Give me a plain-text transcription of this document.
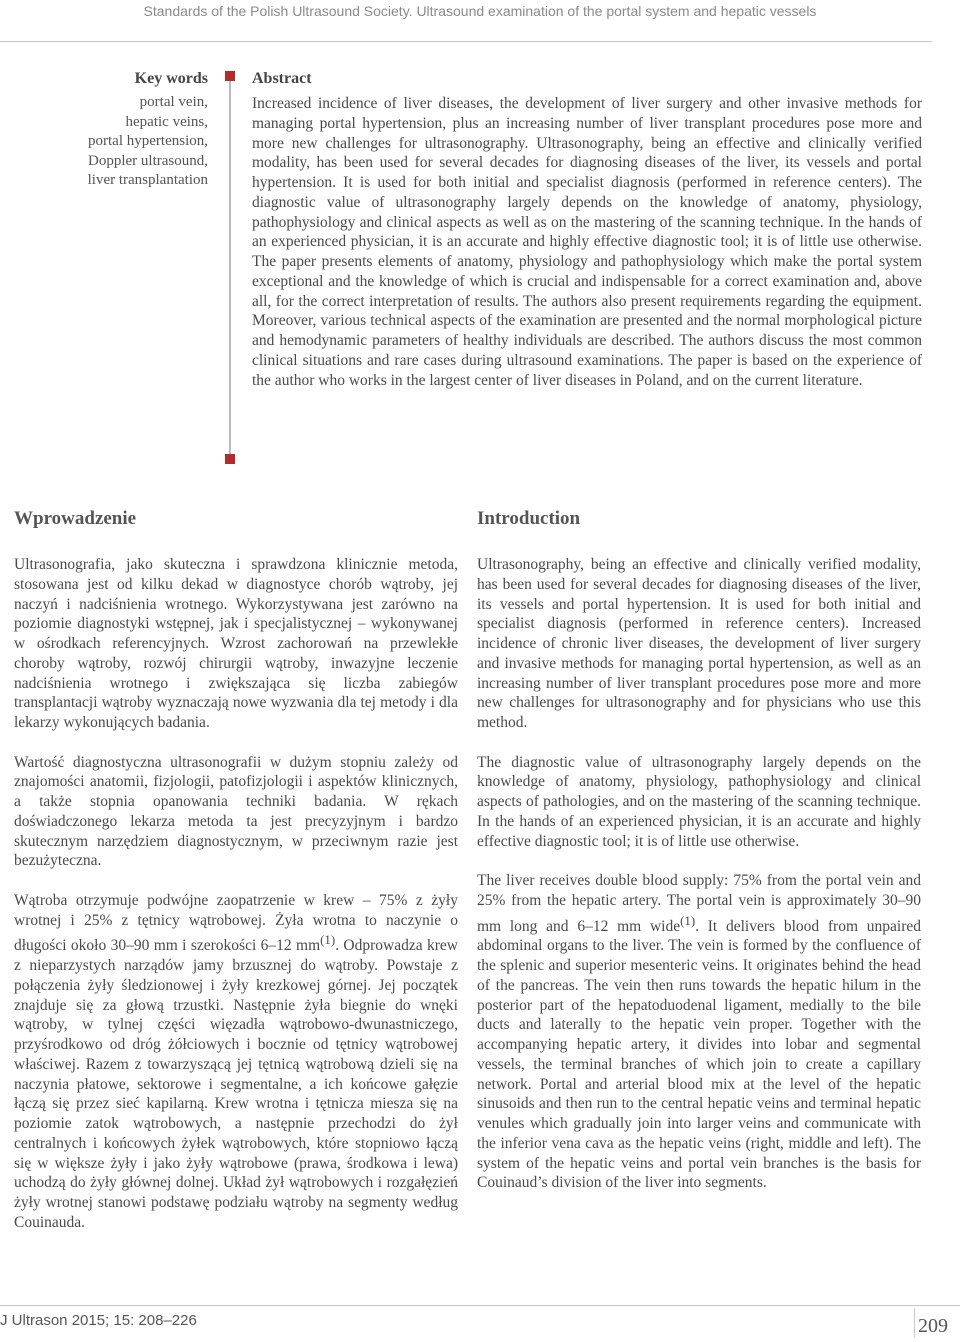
Standards of the Polish Ultrasound Society. Ultrasound examination of the portal system and hepatic vessels
Key words
portal vein,
hepatic veins,
portal hypertension,
Doppler ultrasound,
liver transplantation
Abstract
Increased incidence of liver diseases, the development of liver surgery and other invasive methods for managing portal hypertension, plus an increasing number of liver transplant procedures pose more and more new challenges for ultrasonography. Ultrasonography, being an effective and clinically verified modality, has been used for several decades for diagnosing diseases of the liver, its vessels and portal hypertension. It is used for both initial and specialist diagnosis (performed in reference centers). The diagnostic value of ultrasonography largely depends on the knowledge of anatomy, physiology, pathophysiology and clinical aspects as well as on the mastering of the scanning technique. In the hands of an experienced physician, it is an accurate and highly effective diagnostic tool; it is of little use otherwise. The paper presents elements of anatomy, physiology and pathophysiology which make the portal system exceptional and the knowledge of which is crucial and indispensable for a correct examination and, above all, for the correct interpretation of results. The authors also present requirements regarding the equipment. Moreover, various technical aspects of the examination are presented and the normal morphological picture and hemodynamic parameters of healthy individuals are described. The authors discuss the most common clinical situations and rare cases during ultrasound examinations. The paper is based on the experience of the author who works in the largest center of liver diseases in Poland, and on the current literature.
Wprowadzenie
Ultrasonografia, jako skuteczna i sprawdzona klinicznie metoda, stosowana jest od kilku dekad w diagnostyce chorób wątroby, jej naczyń i nadciśnienia wrotnego. Wykorzystywana jest zarówno na poziomie diagnostyki wstępnej, jak i specjalistycznej – wykonywanej w ośrodkach referencyjnych. Wzrost zachorowań na przewlekłe choroby wątroby, rozwój chirurgii wątroby, inwazyjne leczenie nadciśnienia wrotnego i zwiększająca się liczba zabiegów transplantacji wątroby wyznaczają nowe wyzwania dla tej metody i dla lekarzy wykonujących badania.
Wartość diagnostyczna ultrasonografii w dużym stopniu zależy od znajomości anatomii, fizjologii, patofizjologii i aspektów klinicznych, a także stopnia opanowania techniki badania. W rękach doświadczonego lekarza metoda ta jest precyzyjnym i bardzo skutecznym narzędziem diagnostycznym, w przeciwnym razie jest bezużyteczna.
Wątroba otrzymuje podwójne zaopatrzenie w krew – 75% z żyły wrotnej i 25% z tętnicy wątrobowej. Żyła wrotna to naczynie o długości około 30–90 mm i szerokości 6–12 $mm^{(1)}$. Odprowadza krew z nieparzystych narządów jamy brzusznej do wątroby. Powstaje z połączenia żyły śledzionowej i żyły krezkowej górnej. Jej początek znajduje się za głową trzustki. Następnie żyła biegnie do wnęki wątroby, w tylnej części więzadła wątrobowo-dwunastniczego, przyśrodkowo od dróg żółciowych i bocznie od tętnicy wątrobowej właściwej. Razem z towarzyszącą jej tętnicą wątrobową dzieli się na naczynia płatowe, sektorowe i segmentalne, a ich końcowe gałęzie łączą się przez sieć kapilarną. Krew wrotna i tętnicza miesza się na poziomie zatok wątrobowych, a następnie przechodzi do żył centralnych i końcowych żyłek wątrobowych, które stopniowo łączą się w większe żyły i jako żyły wątrobowe (prawa, środkowa i lewa) uchodzą do żyły głównej dolnej. Układ żył wątrobowych i rozgałęzień żyły wrotnej stanowi podstawę podziału wątroby na segmenty według Couinauda.
Introduction
Ultrasonography, being an effective and clinically verified modality, has been used for several decades for diagnosing diseases of the liver, its vessels and portal hypertension. It is used for both initial and specialist diagnosis (performed in reference centers). Increased incidence of chronic liver diseases, the development of liver surgery and invasive methods for managing portal hypertension, as well as an increasing number of liver transplant procedures pose more and more new challenges for ultrasonography and for physicians who use this method.
The diagnostic value of ultrasonography largely depends on the knowledge of anatomy, physiology, pathophysiology and clinical aspects of pathologies, and on the mastering of the scanning technique. In the hands of an experienced physician, it is an accurate and highly effective diagnostic tool; it is of little use otherwise.
The liver receives double blood supply: 75% from the portal vein and 25% from the hepatic artery. The portal vein is approximately 30–90 mm long and 6–12 mm wide$^{(1)}$. It delivers blood from unpaired abdominal organs to the liver. The vein is formed by the confluence of the splenic and superior mesenteric veins. It originates behind the head of the pancreas. The vein then runs towards the hepatic hilum in the posterior part of the hepatoduodenal ligament, medially to the bile ducts and laterally to the hepatic vein proper. Together with the accompanying hepatic artery, it divides into lobar and segmental vessels, the terminal branches of which join to create a capillary network. Portal and arterial blood mix at the level of the hepatic sinusoids and then run to the central hepatic veins and terminal hepatic venules which gradually join into larger veins and communicate with the inferior vena cava as the hepatic veins (right, middle and left). The system of the hepatic veins and portal vein branches is the basis for Couinaud’s division of the liver into segments.
J Ultrason 2015; 15: 208–226	209
